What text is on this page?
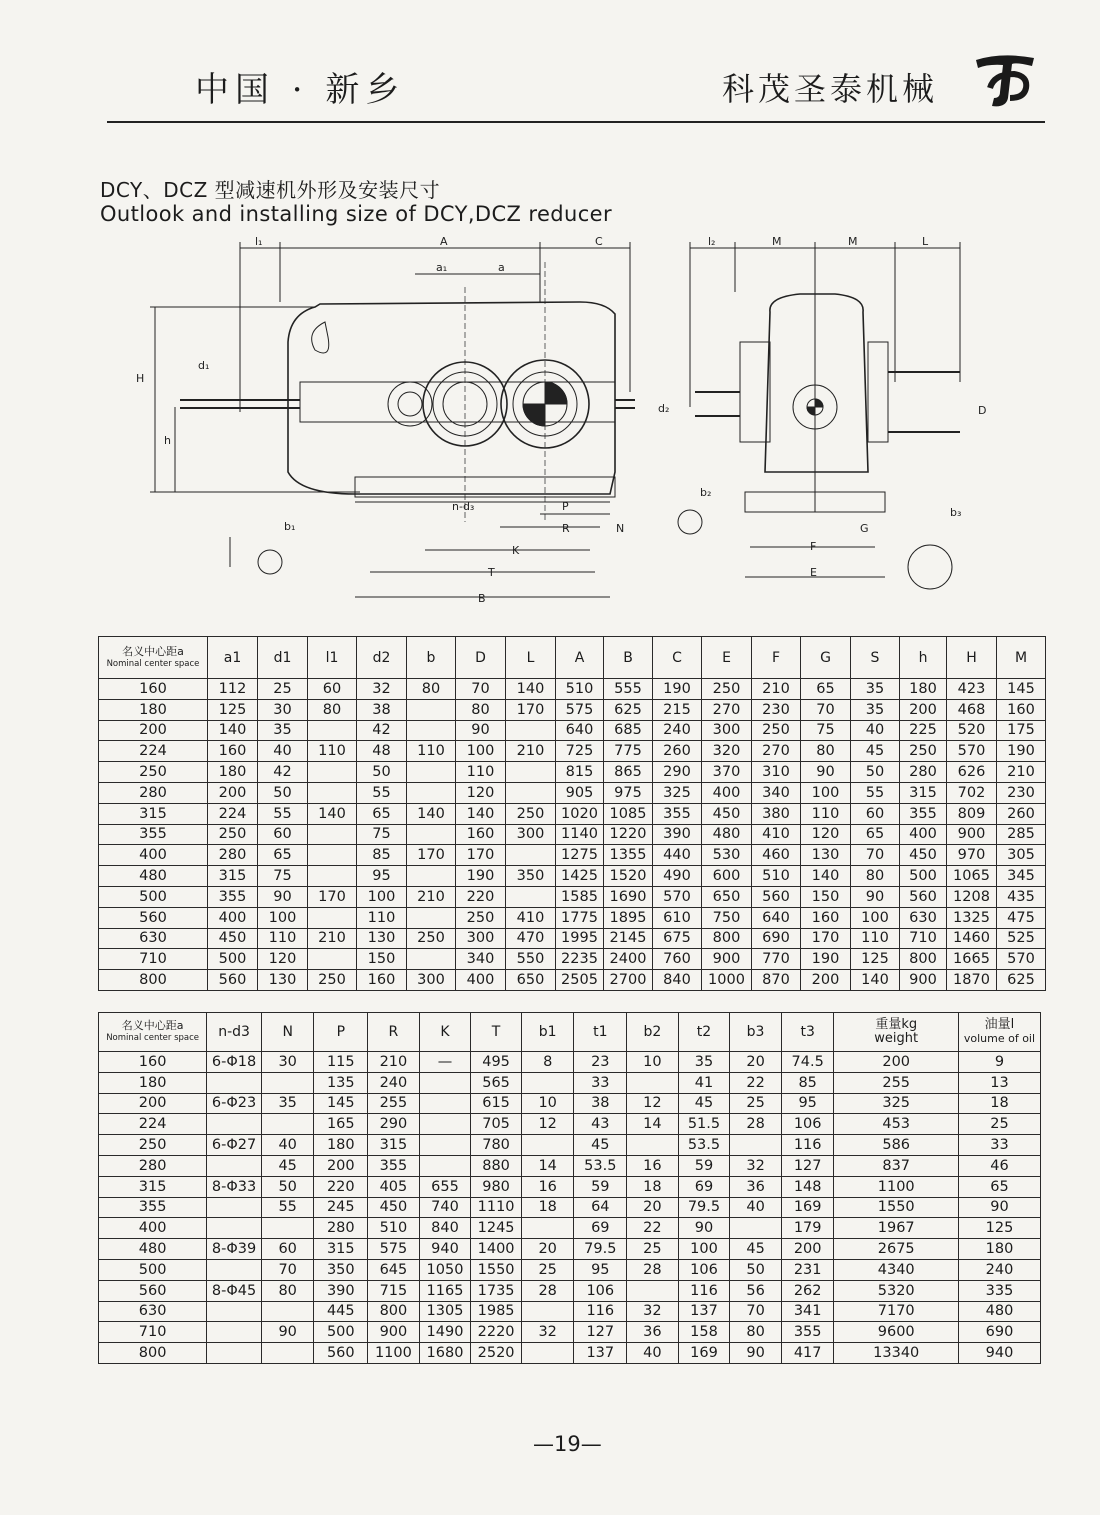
中国 · 新乡	科茂圣泰机械
DCY、DCZ 型减速机外形及安装尺寸
Outlook and installing size of DCY,DCZ reducer
l₁	A	C
a₁	a
H
d₁
h
n-d₃	P
R	N
K
T
B
b₁
l₂	M	M	L
d₂	D
b₂
G
F
E
b₃
名义中心距a
Nominal center space	a1	d1	l1	d2	b	D	L	A	B	C	E	F	G	S	h	H	M
160	112	25	60	32	80	70	140	510	555	190	250	210	65	35	180	423	145
180	125	30	80	38		80	170	575	625	215	270	230	70	35	200	468	160
200	140	35		42		90		640	685	240	300	250	75	40	225	520	175
224	160	40	110	48	110	100	210	725	775	260	320	270	80	45	250	570	190
250	180	42		50		110		815	865	290	370	310	90	50	280	626	210
280	200	50		55		120		905	975	325	400	340	100	55	315	702	230
315	224	55	140	65	140	140	250	1020	1085	355	450	380	110	60	355	809	260
355	250	60		75		160	300	1140	1220	390	480	410	120	65	400	900	285
400	280	65		85	170	170		1275	1355	440	530	460	130	70	450	970	305
480	315	75		95		190	350	1425	1520	490	600	510	140	80	500	1065	345
500	355	90	170	100	210	220		1585	1690	570	650	560	150	90	560	1208	435
560	400	100		110		250	410	1775	1895	610	750	640	160	100	630	1325	475
630	450	110	210	130	250	300	470	1995	2145	675	800	690	170	110	710	1460	525
710	500	120		150		340	550	2235	2400	760	900	770	190	125	800	1665	570
800	560	130	250	160	300	400	650	2505	2700	840	1000	870	200	140	900	1870	625
名义中心距a
Nominal center space	n-d3	N	P	R	K	T	b1	t1	b2	t2	b3	t3	重量kg
weight	油量l
volume of oil

160	6-Φ18	30	115	210	—	495	8	23	10	35	20	74.5	200	9
180			135	240		565		33		41	22	85	255	13
200	6-Φ23	35	145	255		615	10	38	12	45	25	95	325	18
224			165	290		705	12	43	14	51.5	28	106	453	25
250	6-Φ27	40	180	315		780		45		53.5		116	586	33
280		45	200	355		880	14	53.5	16	59	32	127	837	46
315	8-Φ33	50	220	405	655	980	16	59	18	69	36	148	1100	65
355		55	245	450	740	1110	18	64	20	79.5	40	169	1550	90
400			280	510	840	1245		69	22	90		179	1967	125
480	8-Φ39	60	315	575	940	1400	20	79.5	25	100	45	200	2675	180
500		70	350	645	1050	1550	25	95	28	106	50	231	4340	240
560	8-Φ45	80	390	715	1165	1735	28	106		116	56	262	5320	335
630			445	800	1305	1985		116	32	137	70	341	7170	480
710		90	500	900	1490	2220	32	127	36	158	80	355	9600	690
800			560	1100	1680	2520		137	40	169	90	417	13340	940
—19—
